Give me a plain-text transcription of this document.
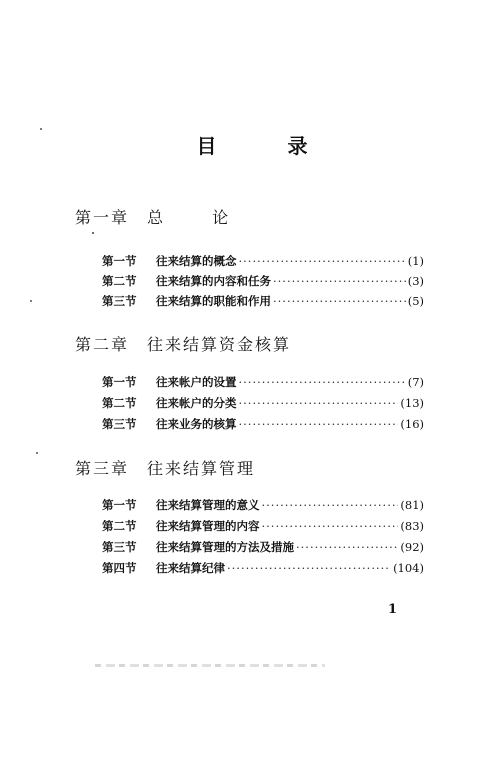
目 录
第一章 总 论
第一节	往来结算的概念 ·····	(1)
第二节	往来结算的内容和任务 ·····	(3)
第三节	往来结算的职能和作用 ·····	(5)
第二章 往来结算资金核算
第一节	往来帐户的设置 ·····	(7)
第二节	往来帐户的分类 ·····	(13)
第三节	往来业务的核算 ·····	(16)
第三章 往来结算管理
第一节	往来结算管理的意义 ·····	(81)
第二节	往来结算管理的内容 ·····	(83)
第三节	往来结算管理的方法及措施 ·····	(92)
第四节	往来结算纪律 ·····	(104)
1
